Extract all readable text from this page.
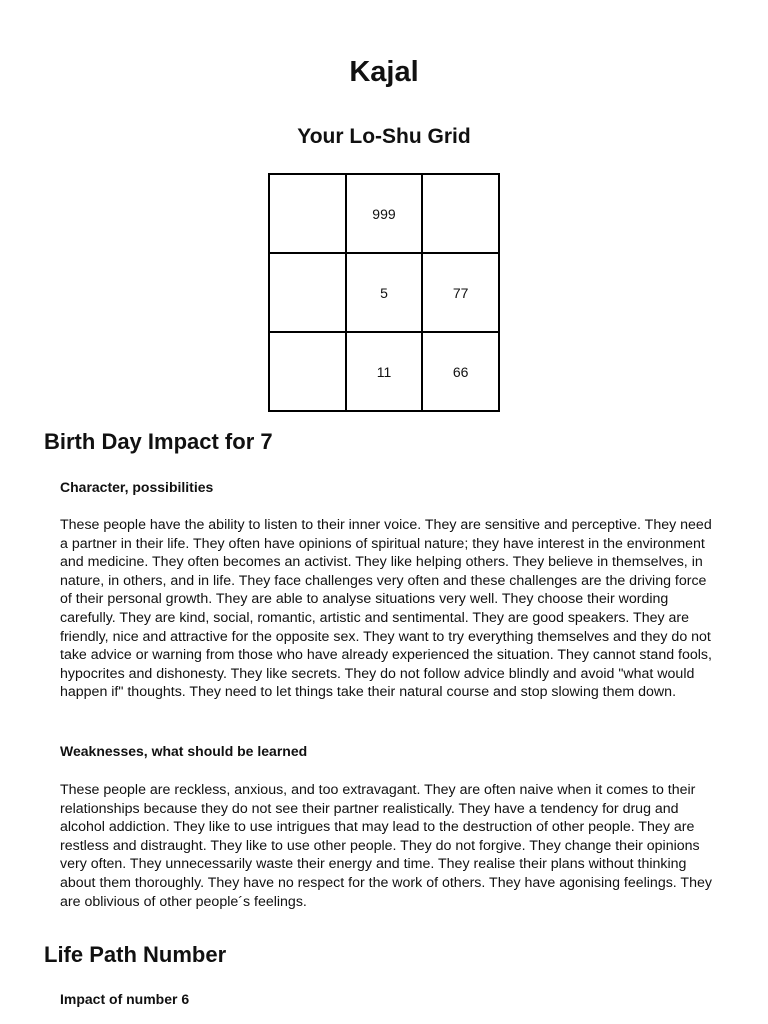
Kajal
Your Lo-Shu Grid
	999	
	5	77
	11	66
Birth Day Impact for 7
Character, possibilities

These people have the ability to listen to their inner voice. They are sensitive and perceptive. They need a partner in their life. They often have opinions of spiritual nature; they have interest in the environment and medicine. They often becomes an activist. They like helping others. They believe in themselves, in nature, in others, and in life. They face challenges very often and these challenges are the driving force of their personal growth. They are able to analyse situations very well. They choose their wording carefully. They are kind, social, romantic, artistic and sentimental. They are good speakers. They are friendly, nice and attractive for the opposite sex. They want to try everything themselves and they do not take advice or warning from those who have already experienced the situation. They cannot stand fools, hypocrites and dishonesty. They like secrets. They do not follow advice blindly and avoid "what would happen if" thoughts. They need to let things take their natural course and stop slowing them down.

Weaknesses, what should be learned

These people are reckless, anxious, and too extravagant. They are often naive when it comes to their relationships because they do not see their partner realistically. They have a tendency for drug and alcohol addiction. They like to use intrigues that may lead to the destruction of other people. They are restless and distraught. They like to use other people. They do not forgive. They change their opinions very often. They unnecessarily waste their energy and time. They realise their plans without thinking about them thoroughly. They have no respect for the work of others. They have agonising feelings. They are oblivious of other people´s feelings.

Life Path Number
Impact of number 6
